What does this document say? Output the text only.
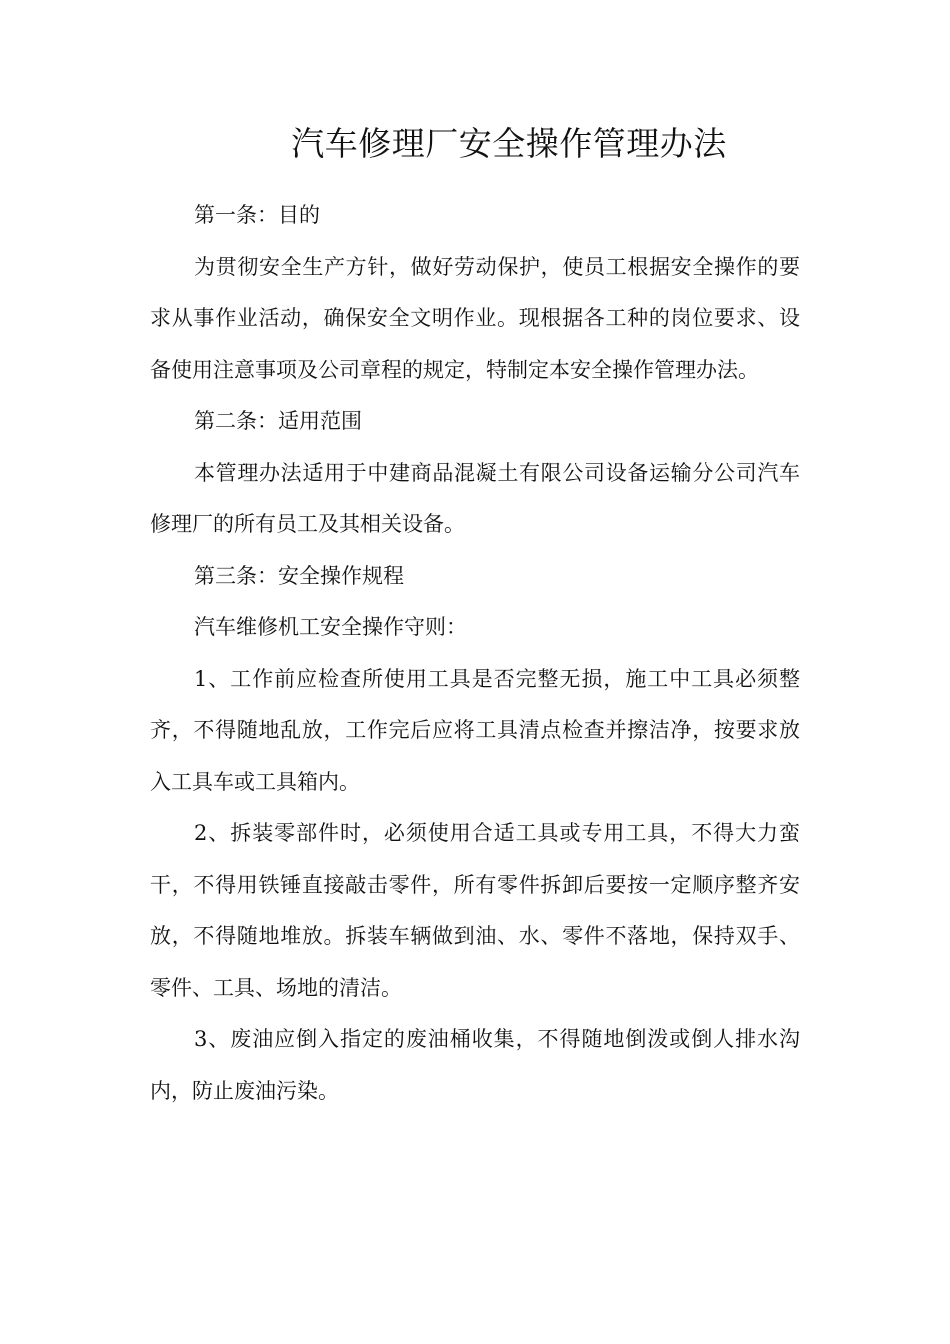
汽车修理厂安全操作管理办法

第一条：目的

为贯彻安全生产方针，做好劳动保护，使员工根据安全操作的要求从事作业活动，确保安全文明作业。现根据各工种的岗位要求、设备使用注意事项及公司章程的规定，特制定本安全操作管理办法。

第二条：适用范围

本管理办法适用于中建商品混凝土有限公司设备运输分公司汽车修理厂的所有员工及其相关设备。

第三条：安全操作规程

汽车维修机工安全操作守则：

1、工作前应检查所使用工具是否完整无损，施工中工具必须整齐，不得随地乱放，工作完后应将工具清点检查并擦洁净，按要求放入工具车或工具箱内。

2、拆装零部件时，必须使用合适工具或专用工具，不得大力蛮干，不得用铁锤直接敲击零件，所有零件拆卸后要按一定顺序整齐安放，不得随地堆放。拆装车辆做到油、水、零件不落地，保持双手、零件、工具、场地的清洁。

3、废油应倒入指定的废油桶收集，不得随地倒泼或倒人排水沟内，防止废油污染。
